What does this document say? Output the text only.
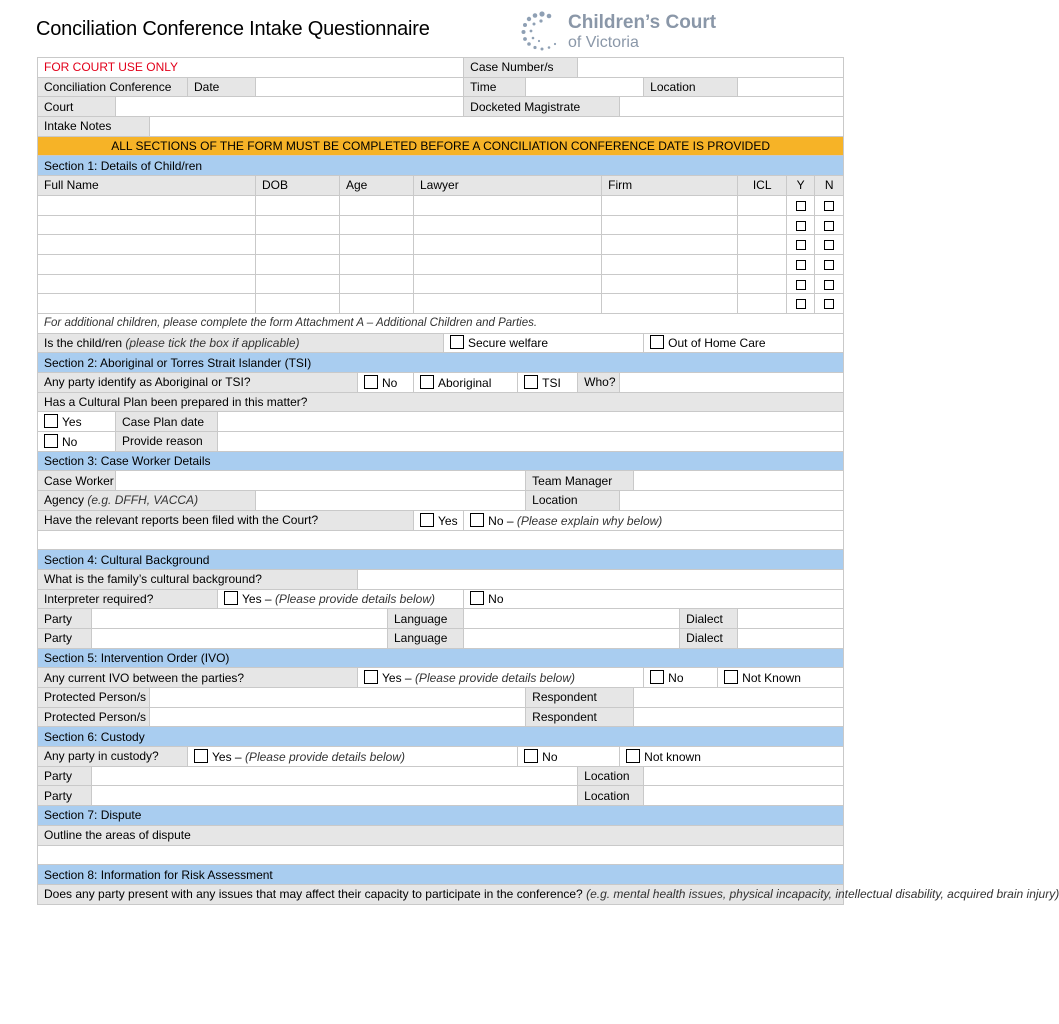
Conciliation Conference Intake Questionnaire	Children’s Court
of Victoria
FOR COURT USE ONLY												Case Number/s												
Conciliation Conference				Date								Time							Location					
Court												Docketed Magistrate												
Intake Notes																								
ALL SECTIONS OF THE FORM MUST BE COMPLETED BEFORE A CONCILIATION CONFERENCE DATE IS PROVIDED																								
Section 1: Details of Child/ren																								
Full Name						DOB	Age			Lawyer						Firm						ICL	Y	N

For additional children, please complete the form Attachment A – Additional Children and Parties.																								
Is the child/ren (please tick the box if applicable)											Secure welfare								Out of Home Care					
Section 2: Aboriginal or Torres Strait Islander (TSI)																								
Any party identify as Aboriginal or TSI?								No		Aboriginal			TSI		Who?									
Has a Cultural Plan been prepared in this matter?																								
Yes		Case Plan date																						
No		Provide reason																						
Section 3: Case Worker Details																								
Case Worker														Team Manager										
Agency (e.g. DFFH, VACCA)														Location										
Have the relevant reports been filed with the Court?										Yes		No – (Please explain why below)												

Section 4: Cultural Background																								
What is the family’s cultural background?																								
Interpreter required?					Yes – (Please provide details below)							No												
Party									Language											Dialect				
Party									Language											Dialect				
Section 5: Intervention Order (IVO)																								
Any current IVO between the parties?								Yes – (Please provide details below)											No		Not Known			
Protected Person/s														Respondent										
Protected Person/s														Respondent										
Section 6: Custody																								
Any party in custody?				Yes – (Please provide details below)									No				Not known							
Party															Location									
Party															Location									
Section 7: Dispute																								
Outline the areas of dispute																								

Section 8: Information for Risk Assessment																								
Does any party present with any issues that may affect their capacity to participate in the conference? (e.g. mental health issues, physical incapacity, intellectual disability, acquired brain injury)																								
